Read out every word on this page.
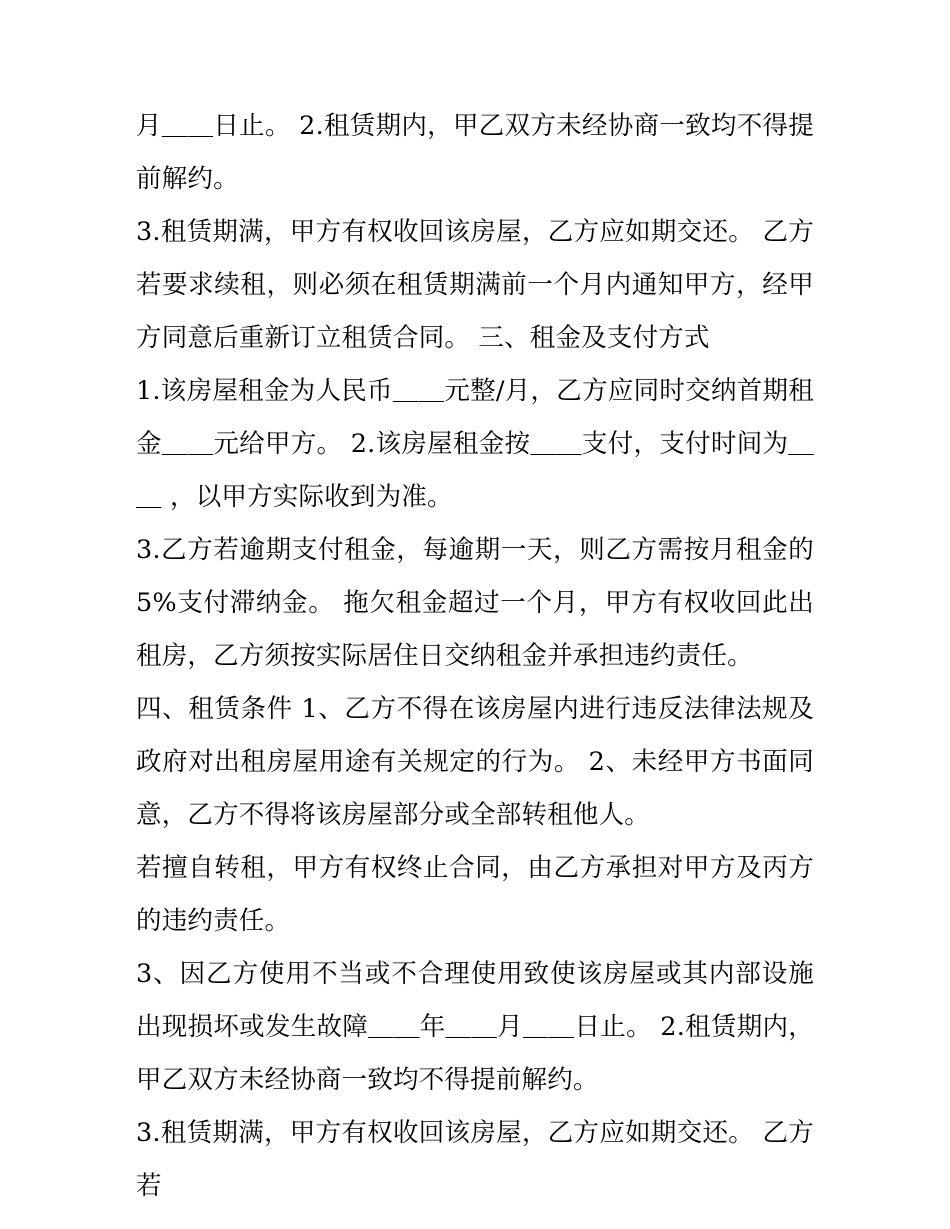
月＿＿日止。 2.租赁期内，甲乙双方未经协商一致均不得提前解约。

3.租赁期满，甲方有权收回该房屋，乙方应如期交还。 乙方若要求续租，则必须在租赁期满前一个月内通知甲方，经甲方同意后重新订立租赁合同。 三、租金及支付方式

1.该房屋租金为人民币＿＿元整/月，乙方应同时交纳首期租金＿＿元给甲方。 2.该房屋租金按＿＿支付，支付时间为＿＿ ，以甲方实际收到为准。

3.乙方若逾期支付租金，每逾期一天，则乙方需按月租金的5%支付滞纳金。 拖欠租金超过一个月，甲方有权收回此出租房，乙方须按实际居住日交纳租金并承担违约责任。

四、租赁条件 1、乙方不得在该房屋内进行违反法律法规及政府对出租房屋用途有关规定的行为。 2、未经甲方书面同意，乙方不得将该房屋部分或全部转租他人。

若擅自转租，甲方有权终止合同，由乙方承担对甲方及丙方的违约责任。

3、因乙方使用不当或不合理使用致使该房屋或其内部设施出现损坏或发生故障＿＿年＿＿月＿＿日止。 2.租赁期内，甲乙双方未经协商一致均不得提前解约。

3.租赁期满，甲方有权收回该房屋，乙方应如期交还。 乙方若
